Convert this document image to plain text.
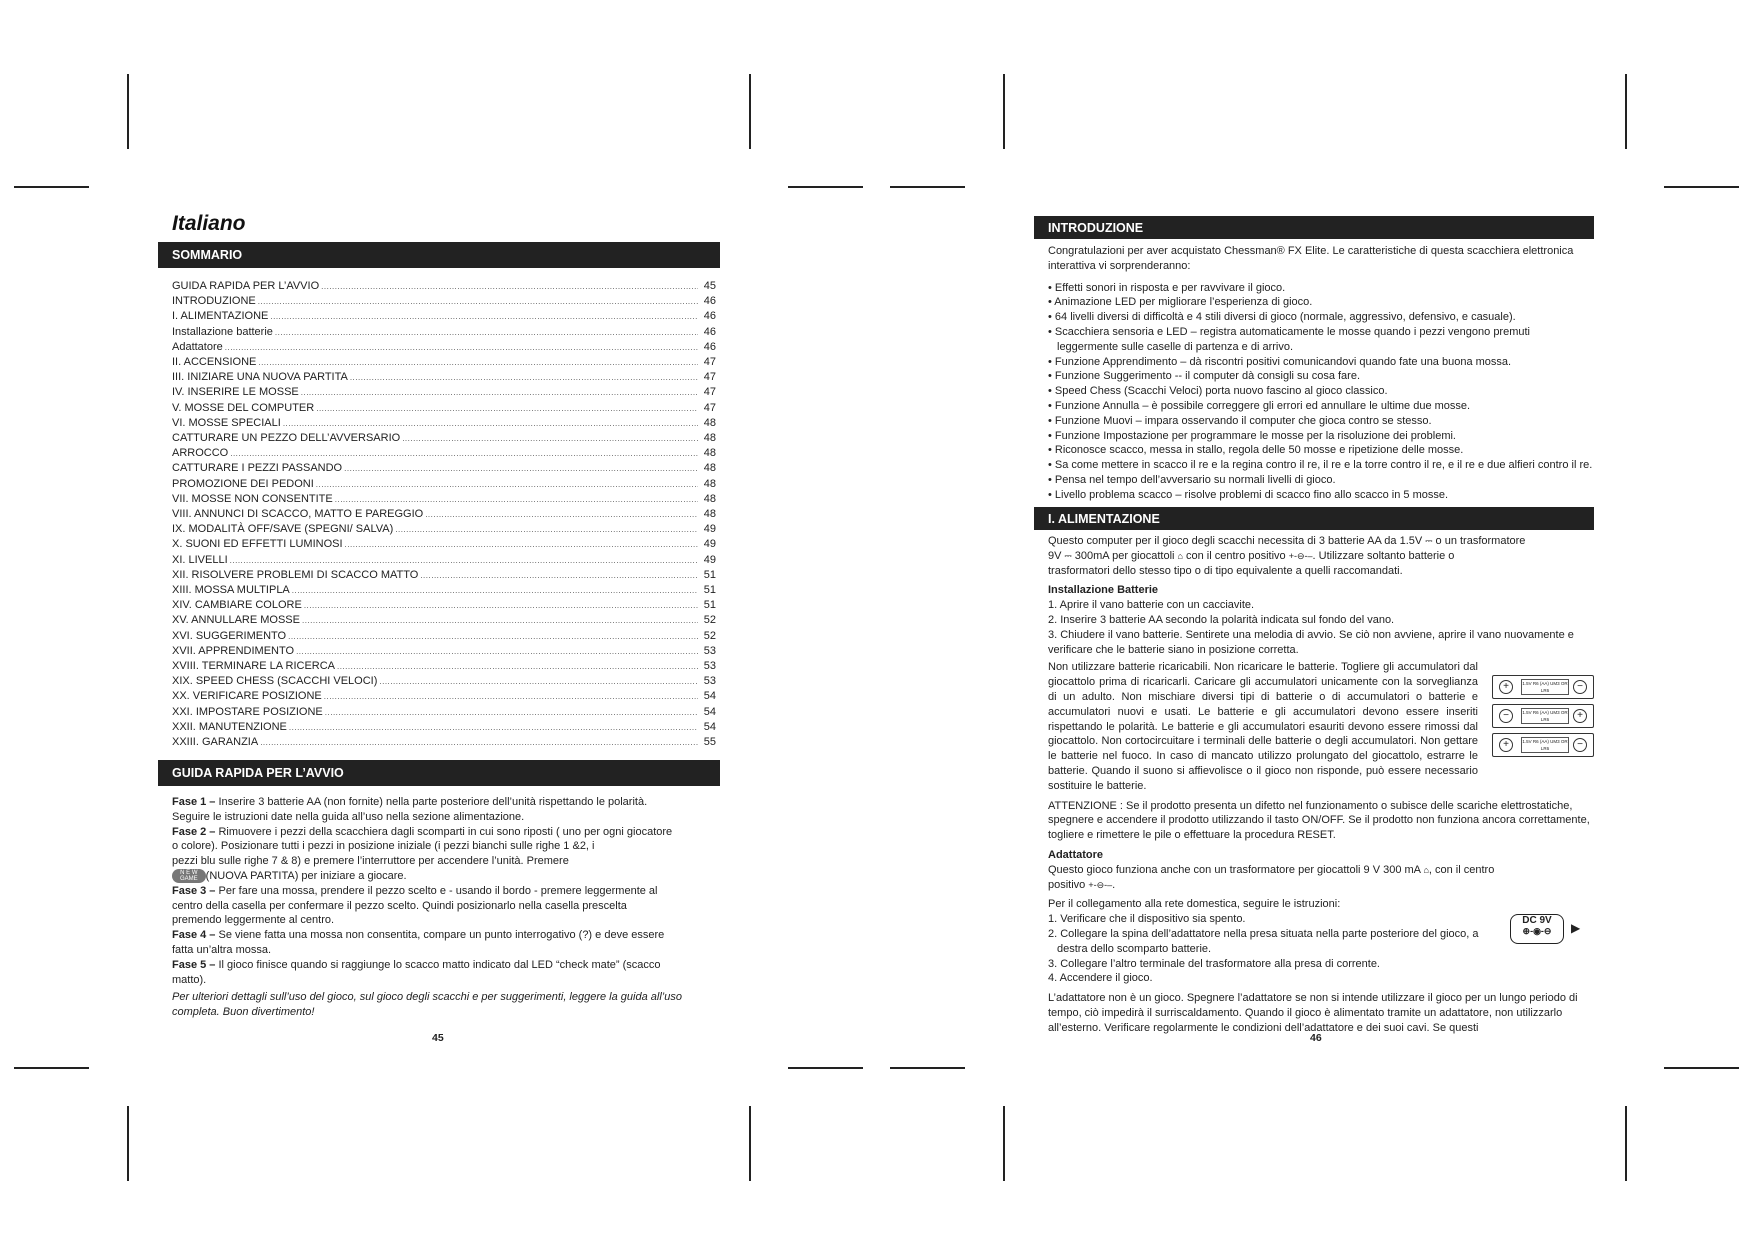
Italiano
SOMMARIO
GUIDA RAPIDA PER L’AVVIO .....	45
INTRODUZIONE .....	46
I. ALIMENTAZIONE .....	46
Installazione batterie .....	46
Adattatore .....	46
II. ACCENSIONE .....	47
III. INIZIARE UNA NUOVA PARTITA .....	47
IV. INSERIRE LE MOSSE .....	47
V. MOSSE DEL COMPUTER .....	47
VI. MOSSE SPECIALI .....	48
CATTURARE UN PEZZO DELL’AVVERSARIO .....	48
ARROCCO .....	48
CATTURARE I PEZZI PASSANDO .....	48
PROMOZIONE DEI PEDONI .....	48
VII. MOSSE NON CONSENTITE .....	48
VIII. ANNUNCI DI SCACCO, MATTO E PAREGGIO .....	48
IX. MODALITÀ OFF/SAVE (SPEGNI/ SALVA) .....	49
X. SUONI ED EFFETTI LUMINOSI .....	49
XI. LIVELLI .....	49
XII. RISOLVERE PROBLEMI DI SCACCO MATTO .....	51
XIII. MOSSA MULTIPLA .....	51
XIV. CAMBIARE COLORE .....	51
XV. ANNULLARE MOSSE .....	52
XVI. SUGGERIMENTO .....	52
XVII. APPRENDIMENTO .....	53
XVIII. TERMINARE LA RICERCA .....	53
XIX. SPEED CHESS (SCACCHI VELOCI) .....	53
XX. VERIFICARE POSIZIONE .....	54
XXI. IMPOSTARE POSIZIONE .....	54
XXII. MANUTENZIONE .....	54
XXIII. GARANZIA .....	55
GUIDA RAPIDA PER L’AVVIO
Fase 1 – Inserire 3 batterie AA (non fornite) nella parte posteriore dell’unità rispettando le polarità.
Seguire le istruzioni date nella guida all’uso nella sezione alimentazione.
Fase 2 – Rimuovere i pezzi della scacchiera dagli scomparti in cui sono riposti ( uno per ogni giocatore
o colore). Posizionare tutti i pezzi in posizione iniziale (i pezzi bianchi sulle righe 1 &2, i
pezzi blu sulle righe 7 & 8) e premere l’interruttore per accendere l’unità. Premere
N E W
GAME (NUOVA PARTITA) per iniziare a giocare.
Fase 3 – Per fare una mossa, prendere il pezzo scelto e - usando il bordo - premere leggermente al
centro della casella per confermare il pezzo scelto. Quindi posizionarlo nella casella prescelta
premendo leggermente al centro.
Fase 4 – Se viene fatta una mossa non consentita, compare un punto interrogativo (?) e deve essere
fatta un’altra mossa.
Fase 5 – Il gioco finisce quando si raggiunge lo scacco matto indicato dal LED “check mate” (scacco
matto).
Per ulteriori dettagli sull’uso del gioco, sul gioco degli scacchi e per suggerimenti, leggere la guida all’uso completa. Buon divertimento!
45
INTRODUZIONE

Congratulazioni per aver acquistato Chessman® FX Elite. Le caratteristiche di questa scacchiera elettronica interattiva vi sorprenderanno:

• Effetti sonori in risposta e per ravvivare il gioco.
• Animazione LED per migliorare l’esperienza di gioco.
• 64 livelli diversi di difficoltà e 4 stili diversi di gioco (normale, aggressivo, defensivo, e casuale).
• Scacchiera sensoria e LED – registra automaticamente le mosse quando i pezzi vengono premuti leggermente sulle caselle di partenza e di arrivo.
• Funzione Apprendimento – dà riscontri positivi comunicandovi quando fate una buona mossa.
• Funzione Suggerimento -- il computer dà consigli su cosa fare.
• Speed Chess (Scacchi Veloci) porta nuovo fascino al gioco classico.
• Funzione Annulla – è possibile correggere gli errori ed annullare le ultime due mosse.
• Funzione Muovi – impara osservando il computer che gioca contro se stesso.
• Funzione Impostazione per programmare le mosse per la risoluzione dei problemi.
• Riconosce scacco, messa in stallo, regola delle 50 mosse e ripetizione delle mosse.
• Sa come mettere in scacco il re e la regina contro il re, il re e la torre contro il re, e il re e due alfieri contro il re.
• Pensa nel tempo dell’avversario su normali livelli di gioco.
• Livello problema scacco – risolve problemi di scacco fino allo scacco in 5 mosse.
I. ALIMENTAZIONE

Questo computer per il gioco degli scacchi necessita di 3 batterie AA da 1.5V ⎓ o un trasformatore
9V ⎓ 300mA per giocattoli ⌂ con il centro positivo +-⊖-–. Utilizzare soltanto batterie o
trasformatori dello stesso tipo o di tipo equivalente a quelli raccomandati.

Installazione Batterie

1. Aprire il vano batterie con un cacciavite.
2. Inserire 3 batterie AA secondo la polarità indicata sul fondo del vano.
3. Chiudere il vano batterie. Sentirete una melodia di avvio. Se ciò non avviene, aprire il vano nuovamente e verificare che le batterie siano in posizione corretta.

Non utilizzare batterie ricaricabili. Non ricaricare le batterie. Togliere gli accumulatori dal giocattolo prima di ricaricarli. Caricare gli accumulatori unicamente con la sorveglianza di un adulto. Non mischiare diversi tipi di batterie o di accumulatori o batterie e accumulatori nuovi e usati. Le batterie e gli accumulatori devono essere inseriti rispettando le polarità. Le batterie e gli accumulatori esauriti devono essere rimossi dal giocattolo. Non cortocircuitare i terminali delle batterie o degli accumulatori. Non gettare le batterie nel fuoco. In caso di mancato utilizzo prolungato del giocattolo, estrarre le batterie. Quando il suono si affievolisce o il gioco non risponde, può essere necessario sostituire le batterie.

ATTENZIONE : Se il prodotto presenta un difetto nel funzionamento o subisce delle scariche elettrostatiche, spegnere e accendere il prodotto utilizzando il tasto ON/OFF. Se il prodotto non funziona ancora correttamente, togliere e rimettere le pile o effettuare la procedura RESET.

Adattatore

Questo gioco funziona anche con un trasformatore per giocattoli 9 V 300 mA ⌂, con il centro
positivo +-⊖-–.

Per il collegamento alla rete domestica, seguire le istruzioni:

1. Verificare che il dispositivo sia spento.
2. Collegare la spina dell’adattatore nella presa situata nella parte posteriore del gioco, a destra dello scomparto batterie.
3. Collegare l’altro terminale del trasformatore alla presa di corrente.
4. Accendere il gioco.

L’adattatore non è un gioco. Spegnere l’adattatore se non si intende utilizzare il gioco per un lungo periodo di tempo, ciò impedirà il surriscaldamento. Quando il gioco è alimentato tramite un adattatore, non utilizzarlo all’esterno. Verificare regolarmente le condizioni dell’adattatore e dei suoi cavi. Se questi

+	1.5V R6 (AA) UM3 OR LR6	−
−	1.5V R6 (AA) UM3 OR LR6	+
+	1.5V R6 (AA) UM3 OR LR6	−
DC 9V
⊕-◉-⊖	▶
46
